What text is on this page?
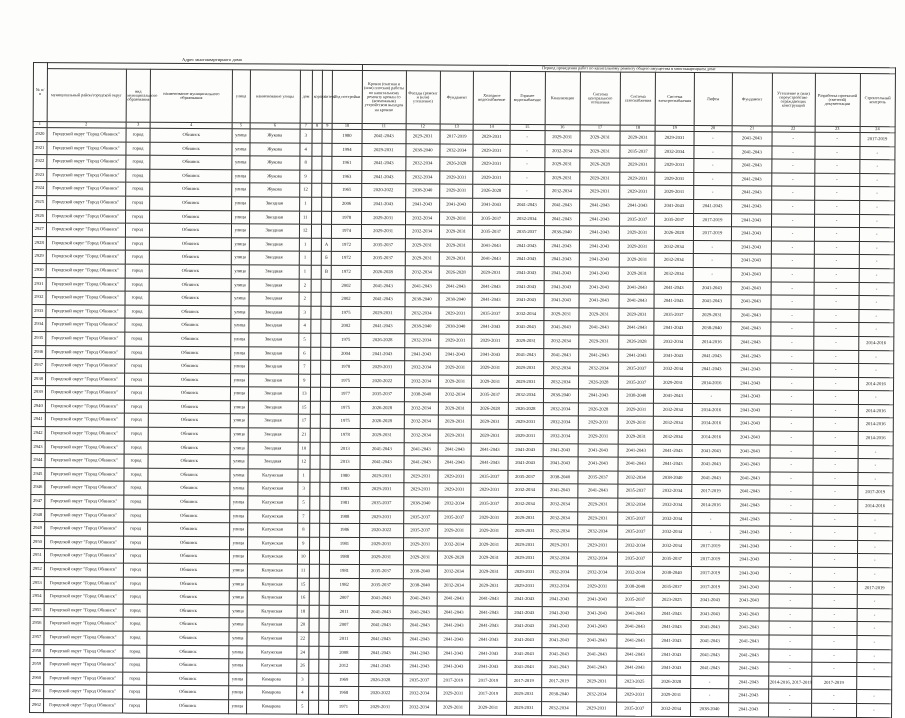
Адрес многоквартирного дома
№ п/п										Период проведения работ по капитальному ремонту общего имущества в многоквартирном доме													
	муниципальный район/городской округ	вид муниципального образования	наименование муниципального образования	улица	наименование улицы	дом	корпус	литера	Год постройки	Кровля (скатная и (или) плоская) работы по капитальному ремонту кровли со (возможным) устройством выходов на кровлю	Фасады (ремонт и (или) утепление)	Фундамент	Холодное водоснабжение	Горячее водоснабжение	Канализация	Система центрального отопления	Система газоснабжения	Система электроснабжения	Лифты	Фундамент	Утепление и (или) переустройство ограждающих конструкций	Разработка проектной (сметной) документации	Строительный контроль
1	2	3	4	5	6	7	8	9	10	11	12	13	14	15	16	17	18	19	20	21	22	23	24
2920	Городской округ "Город Обнинск"	город	Обнинск	улица	Жукова	3			1980	2041-2043	2029-2031	2017-2019	2029-2031	-	2029-2031	2029-2031	2029-2031	2029-2031	-	2041-2043	-	-	2017-2019
2921	Городской округ "Город Обнинск"	город	Обнинск	улица	Жукова	4			1994	2029-2031	2038-2040	2032-2034	2029-2031	-	2032-2034	2029-2031	2035-2037	2032-2034	-	2041-2043	-	-	-
2922	Городской округ "Город Обнинск"	город	Обнинск	улица	Жукова	8			1961	2041-2043	2032-2034	2026-2028	2029-2031	-	2029-2031	2026-2028	2029-2031	2029-2031	-	2041-2043	-	-	-
2923	Городской округ "Город Обнинск"	город	Обнинск	улица	Жукова	9			1963	2041-2043	2032-2034	2029-2031	2029-2031	-	2029-2031	2029-2031	2029-2031	2029-2031	-	2041-2043	-	-	-
2924	Городской округ "Город Обнинск"	город	Обнинск	улица	Жукова	12			1965	2020-2022	2038-2040	2029-2031	2026-2028	-	2032-2034	2029-2031	2029-2031	2029-2031	-	2041-2043	-	-	-
2925	Городской округ "Город Обнинск"	город	Обнинск	улица	Звездная	1			2006	2041-2043	2041-2043	2041-2043	2041-2043	2041-2043	2041-2043	2041-2043	2041-2043	2041-2043	2041-2043	2041-2043	-	-	-
2926	Городской округ "Город Обнинск"	город	Обнинск	улица	Звездная	11			1978	2029-2031	2032-2034	2029-2031	2035-2037	2032-2034	2041-2043	2041-2043	2035-2037	2035-2037	2017-2019	2041-2043	-	-	-
2927	Городской округ "Город Обнинск"	город	Обнинск	улица	Звездная	12			1974	2029-2031	2032-2034	2029-2031	2035-2037	2035-2037	2038-2040	2041-2043	2029-2031	2026-2028	2017-2019	2041-2043	-	-	-
2928	Городской округ "Город Обнинск"	город	Обнинск	улица	Звездная	1		А	1972	2035-2037	2029-2031	2029-2031	2041-2043	2041-2043	2041-2043	2041-2043	2029-2031	2032-2034	-	2041-2043	-	-	-
2929	Городской округ "Город Обнинск"	город	Обнинск	улица	Звездная	1		Б	1972	2035-2037	2029-2031	2029-2031	2041-2043	2041-2043	2041-2043	2041-2043	2029-2031	2032-2034	-	2041-2043	-	-	-
2930	Городской округ "Город Обнинск"	город	Обнинск	улица	Звездная	1		В	1972	2026-2028	2032-2034	2026-2028	2029-2031	2041-2043	2041-2043	2041-2043	2029-2031	2032-2034	-	2041-2043	-	-	-
2931	Городской округ "Город Обнинск"	город	Обнинск	улица	Звездная	2			2002	2041-2043	2041-2043	2041-2043	2041-2043	2041-2043	2041-2043	2041-2043	2041-2043	2041-2043	2041-2043	2041-2043	-	-	-
2932	Городской округ "Город Обнинск"	город	Обнинск	улица	Звездная	2			2002	2041-2043	2038-2040	2038-2040	2041-2043	2041-2043	2041-2043	2041-2043	2041-2043	2041-2043	2041-2043	2041-2043	-	-	-
2933	Городской округ "Город Обнинск"	город	Обнинск	улица	Звездная	3			1975	2029-2031	2032-2034	2029-2031	2035-2037	2032-2034	2029-2031	2029-2031	2029-2031	2035-2037	2029-2031	2041-2043	-	-	-
2934	Городской округ "Город Обнинск"	город	Обнинск	улица	Звездная	4			2002	2041-2043	2038-2040	2038-2040	2041-2043	2041-2043	2041-2043	2041-2043	2041-2043	2041-2043	2038-2040	2041-2043	-	-	-
2935	Городской округ "Город Обнинск"	город	Обнинск	улица	Звездная	5			1975	2026-2028	2032-2034	2029-2031	2029-2031	2029-2031	2032-2034	2029-2031	2026-2028	2032-2034	2014-2016	2041-2043	-	-	2014-2016
2936	Городской округ "Город Обнинск"	город	Обнинск	улица	Звездная	6			2004	2041-2043	2041-2043	2041-2043	2041-2043	2041-2043	2041-2043	2041-2043	2041-2043	2041-2043	2041-2043	2041-2043	-	-	-
2937	Городской округ "Город Обнинск"	город	Обнинск	улица	Звездная	7			1978	2029-2031	2032-2034	2029-2031	2029-2031	2029-2031	2032-2034	2032-2034	2035-2037	2032-2034	2041-2043	2041-2043	-	-	-
2938	Городской округ "Город Обнинск"	город	Обнинск	улица	Звездная	9			1975	2020-2022	2032-2034	2029-2031	2029-2031	2029-2031	2032-2034	2026-2028	2035-2037	2029-2031	2014-2016	2041-2043	-	-	2014-2016
2939	Городской округ "Город Обнинск"	город	Обнинск	улица	Звездная	13			1977	2035-2037	2038-2040	2032-2034	2035-2037	2032-2034	2038-2040	2041-2043	2038-2040	2041-2043	-	2041-2043	-	-	-
2940	Городской округ "Город Обнинск"	город	Обнинск	улица	Звездная	15			1975	2026-2028	2032-2034	2029-2031	2026-2028	2026-2028	2032-2034	2026-2028	2029-2031	2032-2034	2014-2016	2041-2043	-	-	2014-2016
2941	Городской округ "Город Обнинск"	город	Обнинск	улица	Звездная	17			1975	2026-2028	2032-2034	2029-2031	2029-2031	2029-2031	2032-2034	2029-2031	2029-2031	2032-2034	2014-2016	2041-2043	-	-	2014-2016
2942	Городской округ "Город Обнинск"	город	Обнинск	улица	Звездная	21			1978	2029-2031	2032-2034	2029-2031	2029-2031	2029-2031	2032-2034	2029-2031	2029-2031	2032-2034	2014-2016	2041-2043	-	-	2014-2016
2943	Городской округ "Город Обнинск"	город	Обнинск	улица	Звездная	10			2013	2041-2043	2041-2043	2041-2043	2041-2043	2041-2043	2041-2043	2041-2043	2041-2043	2041-2043	2041-2043	2041-2043	-	-	-
2944	Городской округ "Город Обнинск"	город	Обнинск	улица	Звездная	12			2013	2041-2043	2041-2043	2041-2043	2041-2043	2041-2043	2041-2043	2041-2043	2041-2043	2041-2043	2041-2043	2041-2043	-	-	-
2945	Городской округ "Город Обнинск"	город	Обнинск	улица	Калужская	1			1980	2029-2031	2029-2031	2029-2031	2035-2037	2035-2037	2038-2040	2035-2037	2032-2034	2038-2040	2041-2043	2041-2043	-	-	-
2946	Городской округ "Город Обнинск"	город	Обнинск	улица	Калужская	3			1983	2029-2031	2029-2031	2029-2031	2029-2031	2032-2034	2041-2043	2041-2043	2035-2037	2032-2034	2017-2019	2041-2043	-	-	2017-2019
2947	Городской округ "Город Обнинск"	город	Обнинск	улица	Калужская	5			1981	2035-2037	2038-2040	2032-2034	2035-2037	2032-2034	2032-2034	2029-2031	2032-2034	2032-2034	2014-2016	2041-2043	-	-	2014-2016
2948	Городской округ "Город Обнинск"	город	Обнинск	улица	Калужская	7			1988	2029-2031	2035-2037	2035-2037	2029-2031	2029-2031	2032-2034	2029-2031	2035-2037	2032-2034	-	2041-2043	-	-	-
2949	Городской округ "Город Обнинск"	город	Обнинск	улица	Калужская	8			1986	2020-2022	2035-2037	2029-2031	2029-2031	2029-2031	2032-2034	2032-2034	2035-2037	2032-2034	-	2041-2043	-	-	-
2950	Городской округ "Город Обнинск"	город	Обнинск	улица	Калужская	9			1981	2029-2031	2029-2031	2032-2034	2029-2031	2029-2031	2029-2031	2029-2031	2032-2034	2032-2034	2017-2019	2041-2043	-	-	-
2951	Городской округ "Город Обнинск"	город	Обнинск	улица	Калужская	10			1988	2029-2031	2029-2031	2026-2028	2029-2031	2029-2031	2032-2034	2032-2034	2035-2037	2035-2037	2017-2019	2041-2043	-	-	-
2952	Городской округ "Город Обнинск"	город	Обнинск	улица	Калужская	11			1981	2035-2037	2038-2040	2032-2034	2029-2031	2029-2031	2032-2034	2032-2034	2032-2034	2038-2040	2017-2019	2041-2043	-	-	-
2953	Городской округ "Город Обнинск"	город	Обнинск	улица	Калужская	15			1982	2035-2037	2038-2040	2032-2034	2029-2031	2029-2031	2032-2034	2029-2031	2038-2040	2035-2037	2017-2019	2041-2043	-	-	2017-2019
2954	Городской округ "Город Обнинск"	город	Обнинск	улица	Калужская	16			2007	2041-2043	2041-2043	2041-2043	2041-2043	2041-2043	2041-2043	2041-2043	2035-2037	2023-2025	2041-2043	2041-2043	-	-	-
2955	Городской округ "Город Обнинск"	город	Обнинск	улица	Калужская	18			2011	2041-2043	2041-2043	2041-2043	2041-2043	2041-2043	2041-2043	2041-2043	2041-2043	2041-2043	2041-2043	2041-2043	-	-	-
2956	Городской округ "Город Обнинск"	город	Обнинск	улица	Калужская	20			2007	2041-2043	2041-2043	2041-2043	2041-2043	2041-2043	2041-2043	2041-2043	2041-2043	2041-2043	2041-2043	2041-2043	-	-	-
2957	Городской округ "Город Обнинск"	город	Обнинск	улица	Калужская	22			2011	2041-2043	2041-2043	2041-2043	2041-2043	2041-2043	2041-2043	2041-2043	2041-2043	2041-2043	2041-2043	2041-2043	-	-	-
2958	Городской округ "Город Обнинск"	город	Обнинск	улица	Калужская	24			2008	2041-2043	2041-2043	2041-2043	2041-2043	2041-2043	2041-2043	2041-2043	2041-2043	2041-2043	2041-2043	2041-2043	-	-	-
2959	Городской округ "Город Обнинск"	город	Обнинск	улица	Калужская	26			2012	2041-2043	2041-2043	2041-2043	2041-2043	2041-2043	2041-2043	2041-2043	2041-2043	2041-2043	2041-2043	2041-2043	-	-	-
2960	Городской округ "Город Обнинск"	город	Обнинск	улица	Комарова	3			1969	2026-2028	2035-2037	2017-2019	2017-2019	2017-2019	2017-2019	2029-2031	2023-2025	2026-2028	-	2041-2043	2014-2016, 2017-2019	2017-2019	
2961	Городской округ "Город Обнинск"	город	Обнинск	улица	Комарова	4			1968	2020-2022	2032-2034	2029-2031	2017-2019	2029-2031	2038-2040	2032-2034	2029-2031	2029-2031	-	2041-2043	-	-	-
2962	Городской округ "Город Обнинск"	город	Обнинск	улица	Комарова	5			1971	2029-2031	2032-2034	2029-2031	2029-2031	2029-2031	2032-2034	2029-2031	2035-2037	2032-2034	2038-2040	2041-2043	-	-	-
